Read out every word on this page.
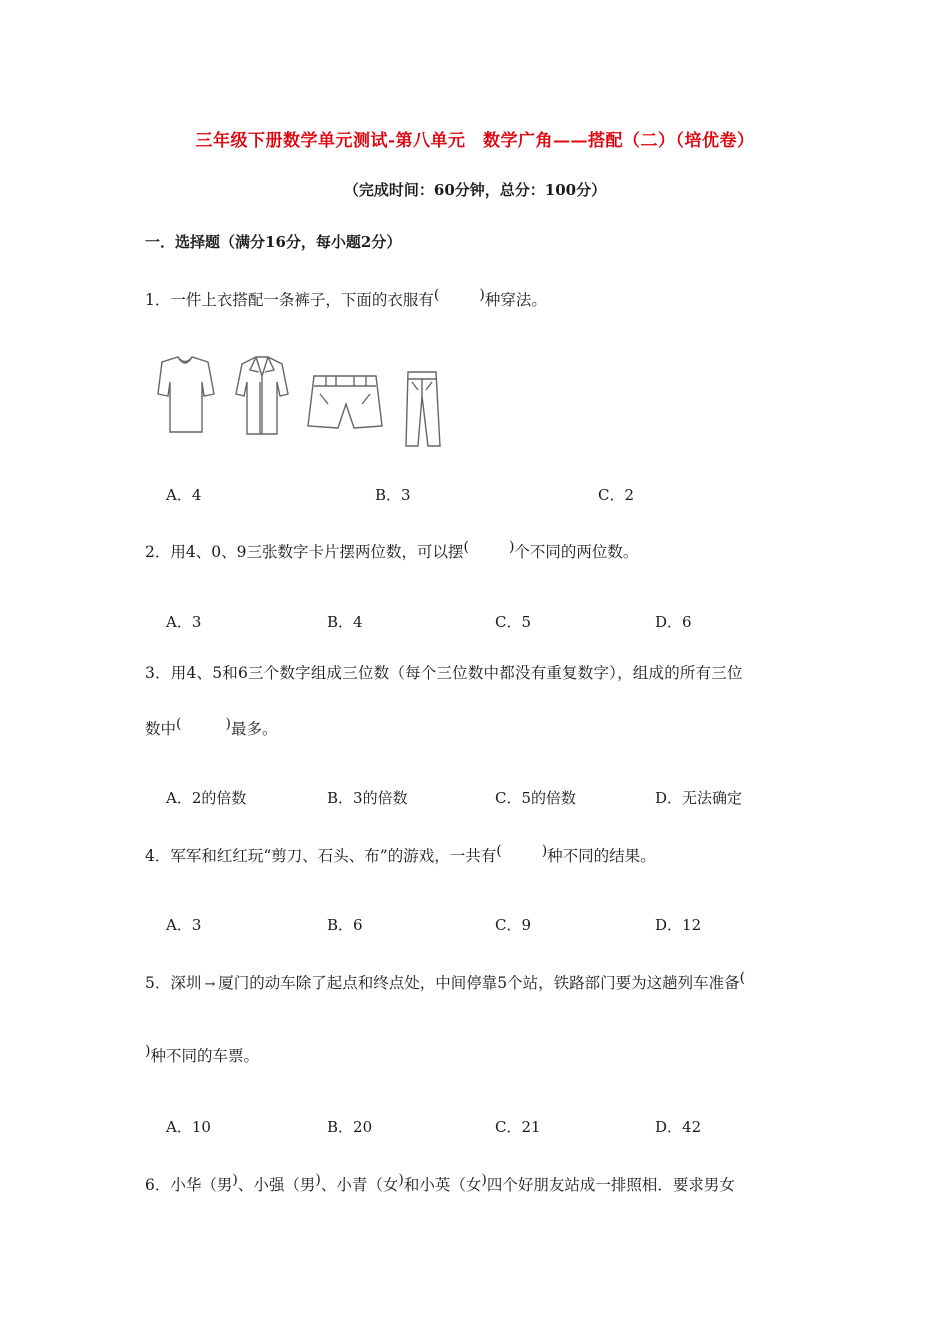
三年级下册数学单元测试-第八单元　数学广角——搭配（二）（培优卷）
（完成时间：60分钟，总分：100分）
一．选择题（满分16分，每小题2分）
1．一件上衣搭配一条裤子，下面的衣服有(	)种穿法。
A．4	B．3	C．2
2．用4、0、9三张数字卡片摆两位数，可以摆(	)个不同的两位数。
A．3	B．4	C．5	D．6
3．用4、5和6三个数字组成三位数（每个三位数中都没有重复数字），组成的所有三位
数中(	)最多。
A．2的倍数	B．3的倍数	C．5的倍数	D．无法确定
4．军军和红红玩“剪刀、石头、布”的游戏，一共有(	)种不同的结果。
A．3	B．6	C．9	D．12
5．深圳 → 厦门的动车除了起点和终点处，中间停靠5个站，铁路部门要为这趟列车准备(
)种不同的车票。
A．10	B．20	C．21	D．42
6．小华（男)、小强（男)、小青（女)和小英（女)四个好朋友站成一排照相．要求男女
